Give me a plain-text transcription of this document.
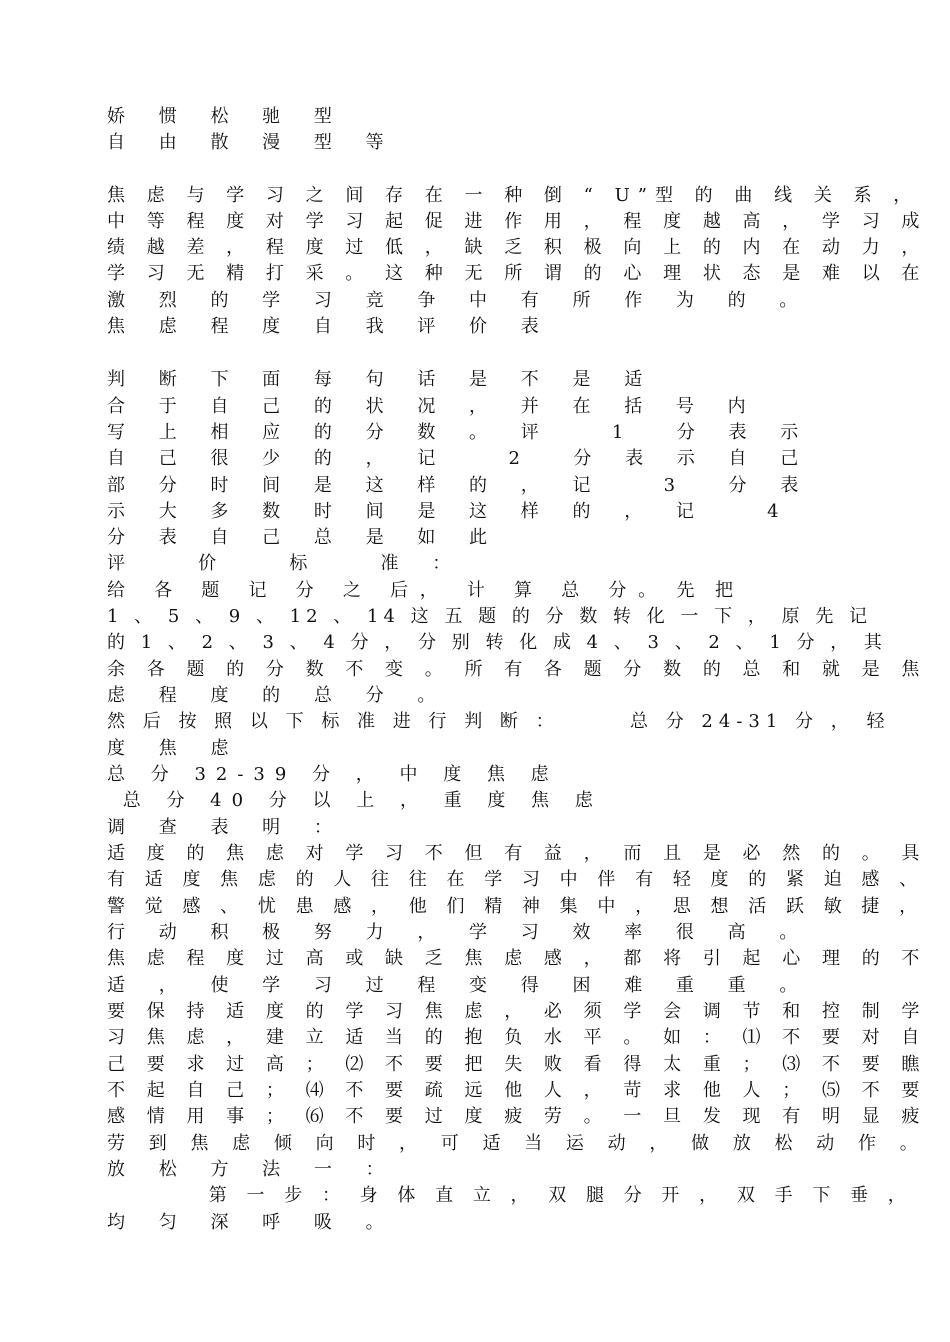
娇 惯 松 驰 型

自 由 散 漫 型 等

焦 虑 与 学 习 之 间 存 在 一 种 倒 “ U”型 的 曲 线 关 系 ，

中 等 程 度 对 学 习 起 促 进 作 用 ， 程 度 越 高 ， 学 习 成

绩 越 差 ， 程 度 过 低 ， 缺 乏 积 极 向 上 的 内 在 动 力 ，

学 习 无 精 打 采 。 这 种 无 所 谓 的 心 理 状 态 是 难 以 在

激 烈 的 学 习 竞 争 中 有 所 作 为 的 。

焦 虑 程 度 自 我 评 价 表

判 断 下 面 每 句 话 是 不 是 适

合 于 自 己 的 状 况 ， 并 在 括 号 内

写 上 相 应 的 分 数 。 评   1  分 表 示

自 己 很 少 的 ， 记   2  分 表 示 自 己

部 分 时 间 是 这 样 的 ， 记   3  分 表

示 大 多 数 时 间 是 这 样 的 ， 记   4

分 表 自 己 总 是 如 此

评   价   标   准 ：

给   各   题   记   分   之   后 ，   计   算   总   分 。  先  把

1 、 5 、 9 、 12 、 14 这 五 题 的 分 数 转 化 一 下 ， 原 先 记

的 1 、 2 、 3 、 4 分 ， 分 别 转 化 成 4 、 3 、 2 、 1 分 ， 其

余 各 题 的 分 数 不 变 。 所 有 各 题 分 数 的 总 和 就 是 焦

虑 程 度 的 总 分 。

然 后 按 照 以 下 标 准 进 行 判 断 ：      总 分 24-31 分 ， 轻

度 焦 虑

总 分 32-39 分 ， 中 度 焦 虑

总 分 40 分 以 上 ， 重 度 焦 虑

调 查 表 明 ：

适 度 的 焦 虑 对 学 习 不 但 有 益 ， 而 且 是 必 然 的 。 具

有 适 度 焦 虑 的 人 往 往 在 学 习 中 伴 有 轻 度 的 紧 迫 感 、

警 觉 感 、 忧 患 感 ， 他 们 精 神 集 中 ， 思 想 活 跃 敏 捷 ，

行 动 积 极 努 力 ， 学 习 效 率 很 高 。

焦 虑 程 度 过 高 或 缺 乏 焦 虑 感 ， 都 将 引 起 心 理 的 不

适 ， 使 学 习 过 程 变 得 困 难 重 重 。

要 保 持 适 度 的 学 习 焦 虑 ， 必 须 学 会 调 节 和 控 制 学

习 焦 虑 ， 建 立 适 当 的 抱 负 水 平 。 如 ： ⑴ 不 要 对 自

己 要 求 过 高 ； ⑵ 不 要 把 失 败 看 得 太 重 ； ⑶ 不 要 瞧

不 起 自 己 ； ⑷ 不 要 疏 远 他 人 ， 苛 求 他 人 ； ⑸ 不 要

感 情 用 事 ； ⑹ 不 要 过 度 疲 劳 。 一 旦 发 现 有 明 显 疲

劳 到 焦 虑 倾 向 时 ， 可 适 当 运 动 ， 做 放 松 动 作 。

放 松 方 法 一 ：

第 一 步 ： 身 体 直 立 ， 双 腿 分 开 ， 双 手 下 垂 ，

均 匀 深 呼 吸 。
